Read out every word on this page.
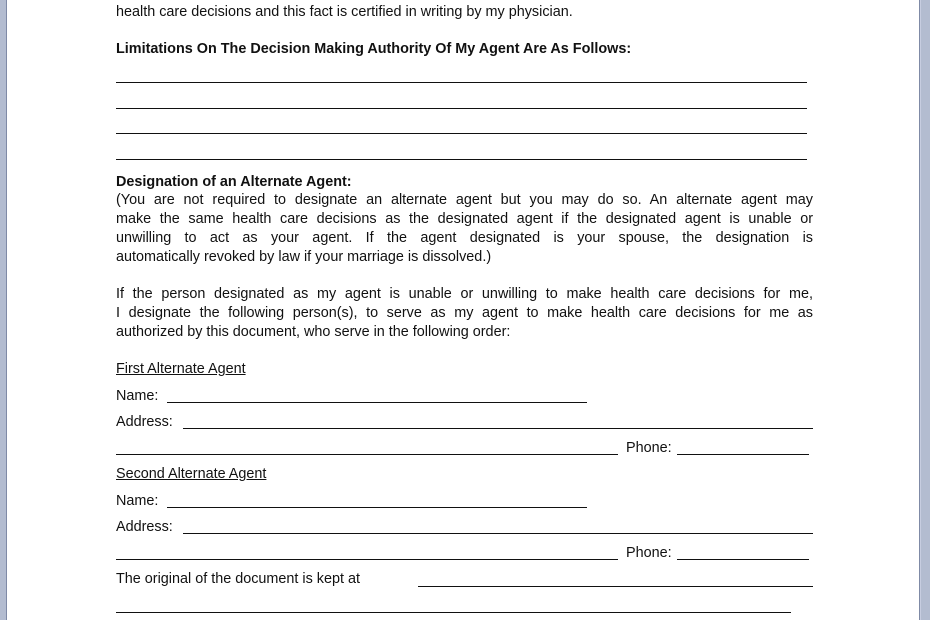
health care decisions and this fact is certified in writing by my physician.
Limitations On The Decision Making Authority Of My Agent Are As Follows:
Designation of an Alternate Agent:
(You are not required to designate an alternate agent but you may do so. An alternate agent may
make the same health care decisions as the designated agent if the designated agent is unable or
unwilling to act as your agent. If the agent designated is your spouse, the designation is
automatically revoked by law if your marriage is dissolved.)
If the person designated as my agent is unable or unwilling to make health care decisions for me,
I designate the following person(s), to serve as my agent to make health care decisions for me as
authorized by this document, who serve in the following order:
First Alternate Agent
Name:
Address:
Phone:
Second Alternate Agent
Name:
Address:
Phone:
The original of the document is kept at
